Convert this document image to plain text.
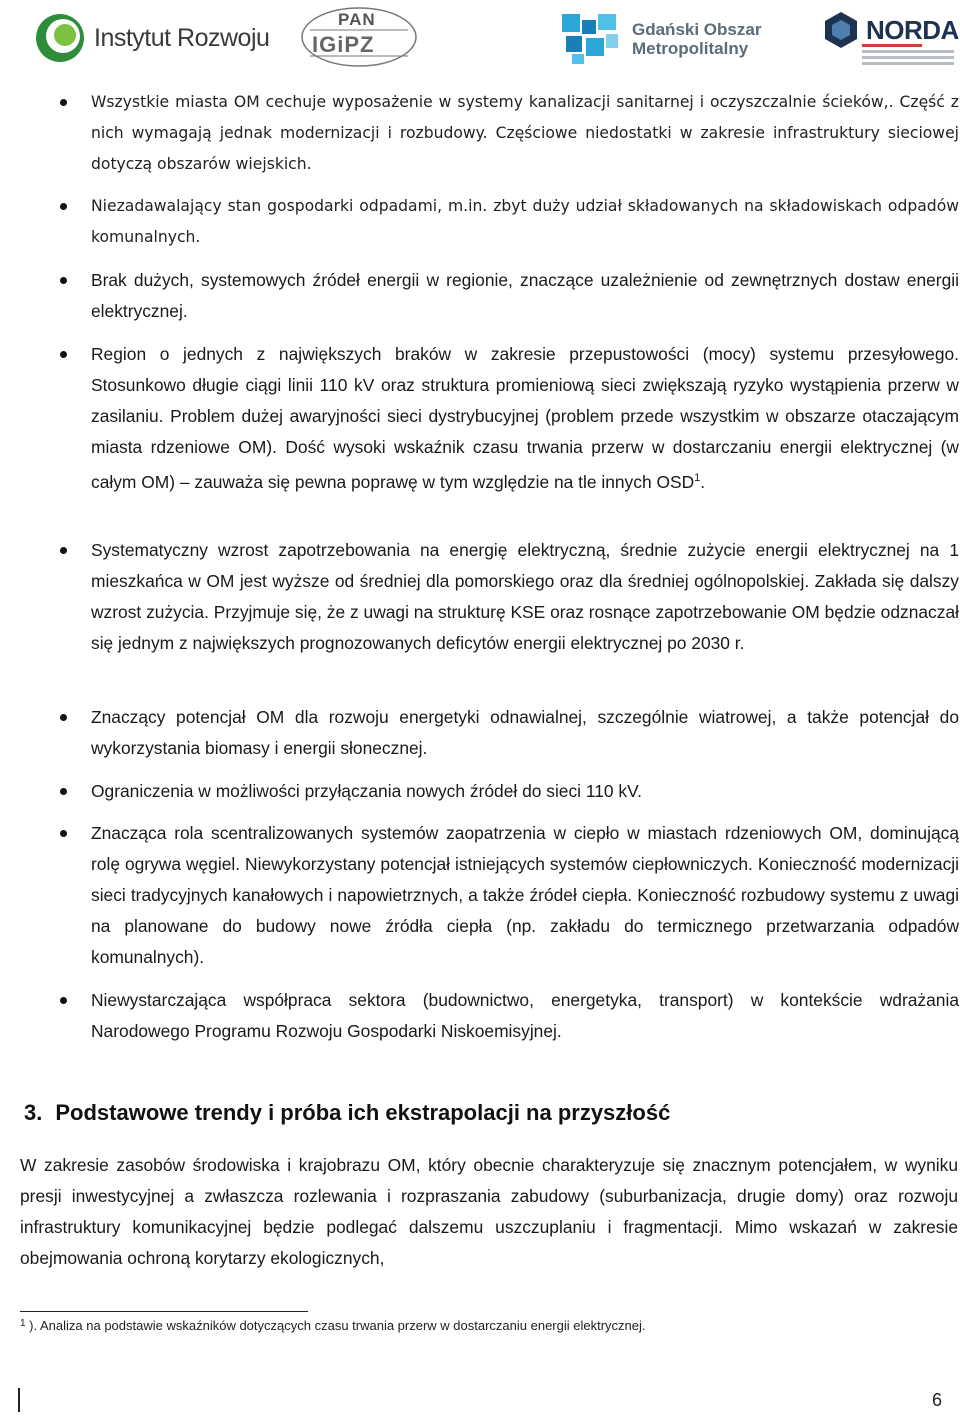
Instytut Rozwoju
PAN
IGiPZ
Gdański Obszar
Metropolitalny
NORDA
Wszystkie miasta OM cechuje wyposażenie w systemy kanalizacji sanitarnej i oczyszczalnie ścieków,. Część z nich wymagają jednak modernizacji i rozbudowy. Częściowe niedostatki w zakresie infrastruktury sieciowej dotyczą obszarów wiejskich.
Niezadawalający stan gospodarki odpadami, m.in. zbyt duży udział składowanych na składowiskach odpadów komunalnych.
Brak dużych, systemowych źródeł energii w regionie, znaczące uzależnienie od zewnętrznych dostaw energii elektrycznej.
Region o jednych z największych braków w zakresie przepustowości (mocy) systemu przesyłowego. Stosunkowo długie ciągi linii 110 kV oraz struktura promieniową sieci zwiększają ryzyko wystąpienia przerw w zasilaniu. Problem dużej awaryjności sieci dystrybucyjnej (problem przede wszystkim w obszarze otaczającym miasta rdzeniowe OM). Dość wysoki wskaźnik czasu trwania przerw w dostarczaniu energii elektrycznej (w całym OM) – zauważa się pewna poprawę w tym względzie na tle innych OSD$^1$.
Systematyczny wzrost zapotrzebowania na energię elektryczną, średnie zużycie energii elektrycznej na 1 mieszkańca w OM jest wyższe od średniej dla pomorskiego oraz dla średniej ogólnopolskiej. Zakłada się dalszy wzrost zużycia. Przyjmuje się, że z uwagi na strukturę KSE oraz rosnące zapotrzebowanie OM będzie odznaczał się jednym z największych prognozowanych deficytów energii elektrycznej po 2030 r.
Znaczący potencjał OM dla rozwoju energetyki odnawialnej, szczególnie wiatrowej, a także potencjał do wykorzystania biomasy i energii słonecznej.
Ograniczenia w możliwości przyłączania nowych źródeł do sieci 110 kV.
Znacząca rola scentralizowanych systemów zaopatrzenia w ciepło w miastach rdzeniowych OM, dominującą rolę ogrywa węgiel. Niewykorzystany potencjał istniejących systemów ciepłowniczych. Konieczność modernizacji sieci tradycyjnych kanałowych i napowietrznych, a także źródeł ciepła. Konieczność rozbudowy systemu z uwagi na planowane do budowy nowe źródła ciepła (np. zakładu do termicznego przetwarzania odpadów komunalnych).
Niewystarczająca współpraca sektora (budownictwo, energetyka, transport) w kontekście wdrażania Narodowego Programu Rozwoju Gospodarki Niskoemisyjnej.
3. Podstawowe trendy i próba ich ekstrapolacji na przyszłość
W zakresie zasobów środowiska i krajobrazu OM, który obecnie charakteryzuje się znacznym potencjałem, w wyniku presji inwestycyjnej a zwłaszcza rozlewania i rozpraszania zabudowy (suburbanizacja, drugie domy) oraz rozwoju infrastruktury komunikacyjnej będzie podlegać dalszemu uszczuplaniu i fragmentacji. Mimo wskazań w zakresie obejmowania ochroną korytarzy ekologicznych,
$^1$ ). Analiza na podstawie wskaźników dotyczących czasu trwania przerw w dostarczaniu energii elektrycznej.
6
